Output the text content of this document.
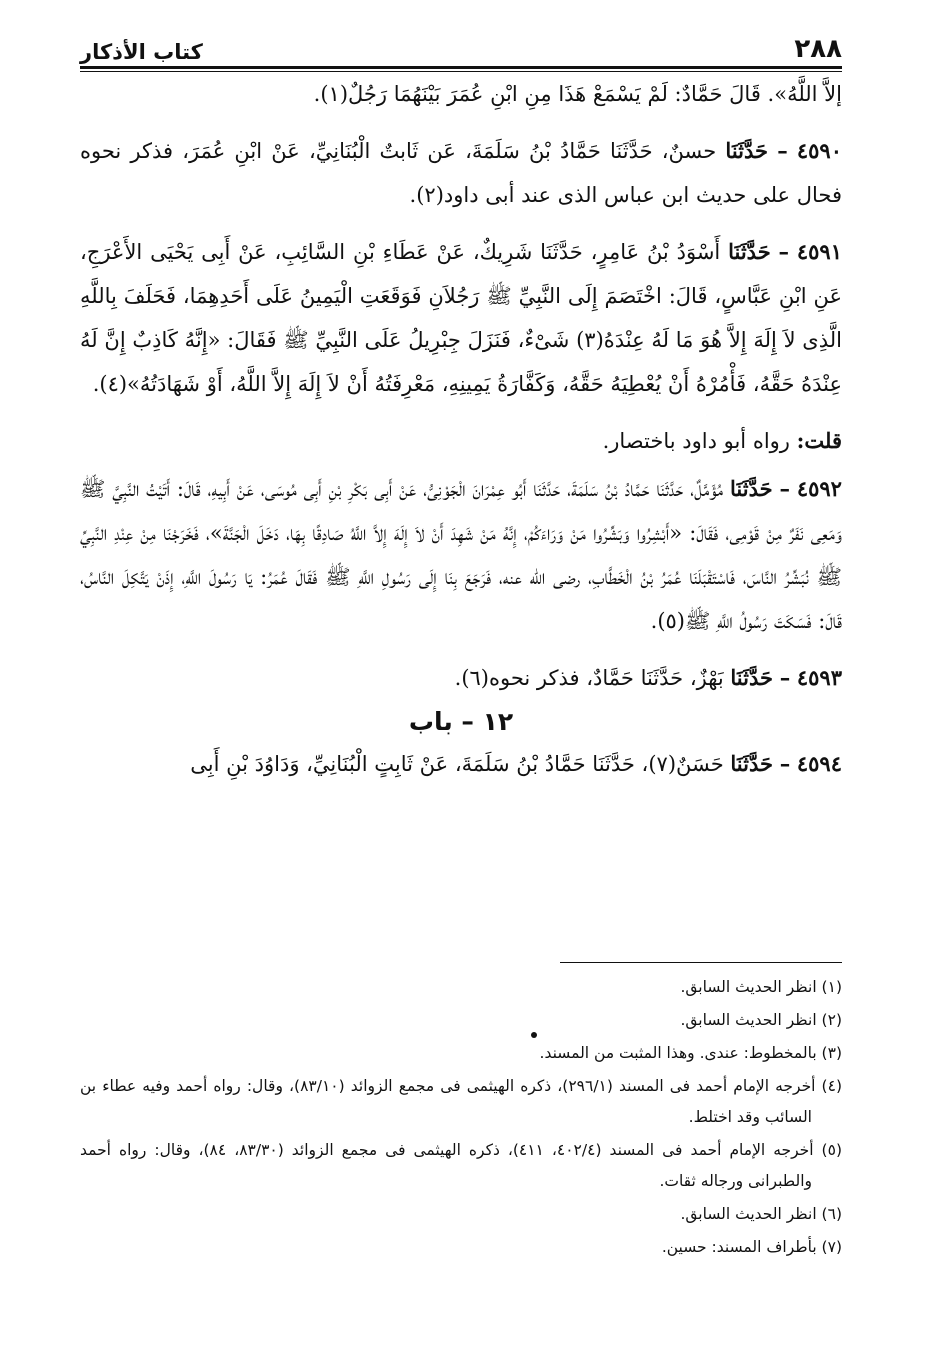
٢٨٨
كتاب الأذكار

إلاَّ اللَّهُ». قَالَ حَمَّادٌ: لَمْ يَسْمَعْ هَذَا مِنِ ابْنِ عُمَرَ بَيْنَهُمَا رَجُلٌ(١).

٤٥٩٠ – حَدَّثَنَا حسنٌ، حَدَّثَنَا حَمَّادُ بْنُ سَلَمَةَ، عَن ثَابتٌ الْبُنَانِيِّ، عَنْ ابْنِ عُمَرَ، فذكر نحوه فحال على حديث ابن عباس الذى عند أبى داود(٢).

٤٥٩١ – حَدَّثَنَا أَسْوَدُ بْنُ عَامِرٍ، حَدَّثَنَا شَرِيكٌ، عَنْ عَطَاءِ بْنِ السَّائِبِ، عَنْ أَبِى يَحْيَى الأَعْرَجِ، عَنِ ابْنِ عَبَّاسٍ، قَالَ: اخْتَصَمَ إِلَى النَّبِيِّ ﷺ رَجُلاَنِ فَوَقَعَتِ الْيَمِينُ عَلَى أَحَدِهِمَا، فَحَلَفَ بِاللَّهِ الَّذِى لاَ إِلَهَ إِلاَّ هُوَ مَا لَهُ عِنْدَهُ(٣) شَىْءٌ، فَنَزَلَ جِبْرِيلُ عَلَى النَّبِيِّ ﷺ فَقَالَ: «إِنَّهُ كَاذِبٌ إِنَّ لَهُ عِنْدَهُ حَقَّهُ، فَأْمُرْهُ أَنْ يُعْطِيَهُ حَقَّهُ، وَكَفَّارَةُ يَمِينِهِ، مَعْرِفَتُهُ أَنْ لاَ إِلَهَ إِلاَّ اللَّهُ، أَوْ شَهَادَتُهُ»(٤).

قلت: رواه أبو داود باختصار.

٤٥٩٢ – حَدَّثَنَا مُؤَمَّلٌ، حَدَّثَنَا حَمَّادُ بْنُ سَلَمَةَ، حَدَّثَنَا أَبُو عِمْرَانَ الْجَوْنِىُّ، عَنْ أَبِى بَكْرِ بْنِ أَبِى مُوسَى، عَنْ أَبِيهِ، قَالَ: أَتَيْتُ النَّبِيَّ ﷺ وَمَعِى نَفَرٌ مِنْ قَوْمِى، فَقَالَ: «أَبْشِرُوا وَبَشِّرُوا مَنْ وَرَاءَكُمْ، إِنَّهُ مَنْ شَهِدَ أَنْ لاَ إِلَهَ إِلاَّ اللَّهُ صَادِقًا بِهَا، دَخَلَ الْجَنَّةَ»، فَخَرَجْنَا مِنْ عِنْدِ النَّبِيِّ ﷺ نُبَشِّرُ النَّاسَ، فَاسْتَقْبَلَنَا عُمَرُ بْنُ الْخَطَّابِ، رضى الله عنه، فَرَجَعَ بِنَا إِلَى رَسُولِ اللَّهِ ﷺ فَقَالَ عُمَرُ: يَا رَسُولَ اللَّهِ، إِذَنْ يَتَّكِلَ النَّاسُ، قَالَ: فَسَكَتَ رَسُولُ اللَّهِ ﷺ(٥).

٤٥٩٣ – حَدَّثَنَا بَهْزٌ، حَدَّثَنَا حَمَّادٌ، فذكر نحوه(٦).

١٢ – باب

٤٥٩٤ – حَدَّثَنَا حَسَنٌ(٧)، حَدَّثَنَا حَمَّادُ بْنُ سَلَمَةَ، عَنْ ثَابِتٍ الْبُنَانِيِّ، وَدَاوُدَ بْنِ أَبِى

(١) انظر الحديث السابق.

(٢) انظر الحديث السابق.

(٣) بالمخطوط: عندى. وهذا المثبت من المسند.

(٤) أخرجه الإمام أحمد فى المسند (٢٩٦/١)، ذكره الهيثمى فى مجمع الزوائد (٨٣/١٠)، وقال: رواه أحمد وفيه عطاء بن السائب وقد اختلط.

(٥) أخرجه الإمام أحمد فى المسند (٤٠٢/٤، ٤١١)، ذكره الهيثمى فى مجمع الزوائد (٨٣/٣٠، ٨٤)، وقال: رواه أحمد والطبرانى ورجاله ثقات.

(٦) انظر الحديث السابق.

(٧) بأطراف المسند: حسين.
